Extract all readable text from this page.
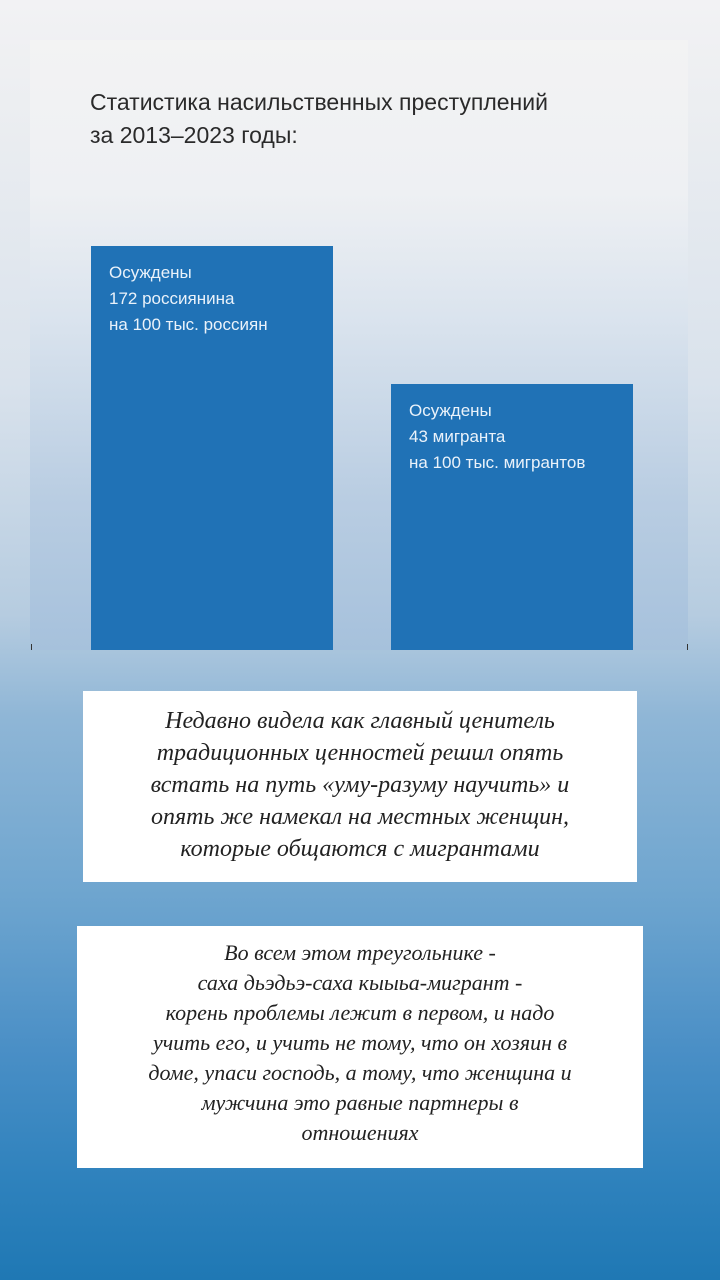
Статистика насильственных преступлений
за 2013–2023 годы:
Осуждены
172 россиянина
на 100 тыс. россиян
Осуждены
43 мигранта
на 100 тыс. мигрантов
Недавно видела как главный ценитель
традиционных ценностей решил опять
встать на путь «уму-разуму научить» и
опять же намекал на местных женщин,
которые общаются с мигрантами
Во всем этом треугольнике -
саха дьэдьэ-саха кыыьа-мигрант -
корень проблемы лежит в первом, и надо
учить его, и учить не тому, что он хозяин в
доме, упаси господь, а тому, что женщина и
мужчина это равные партнеры в
отношениях
